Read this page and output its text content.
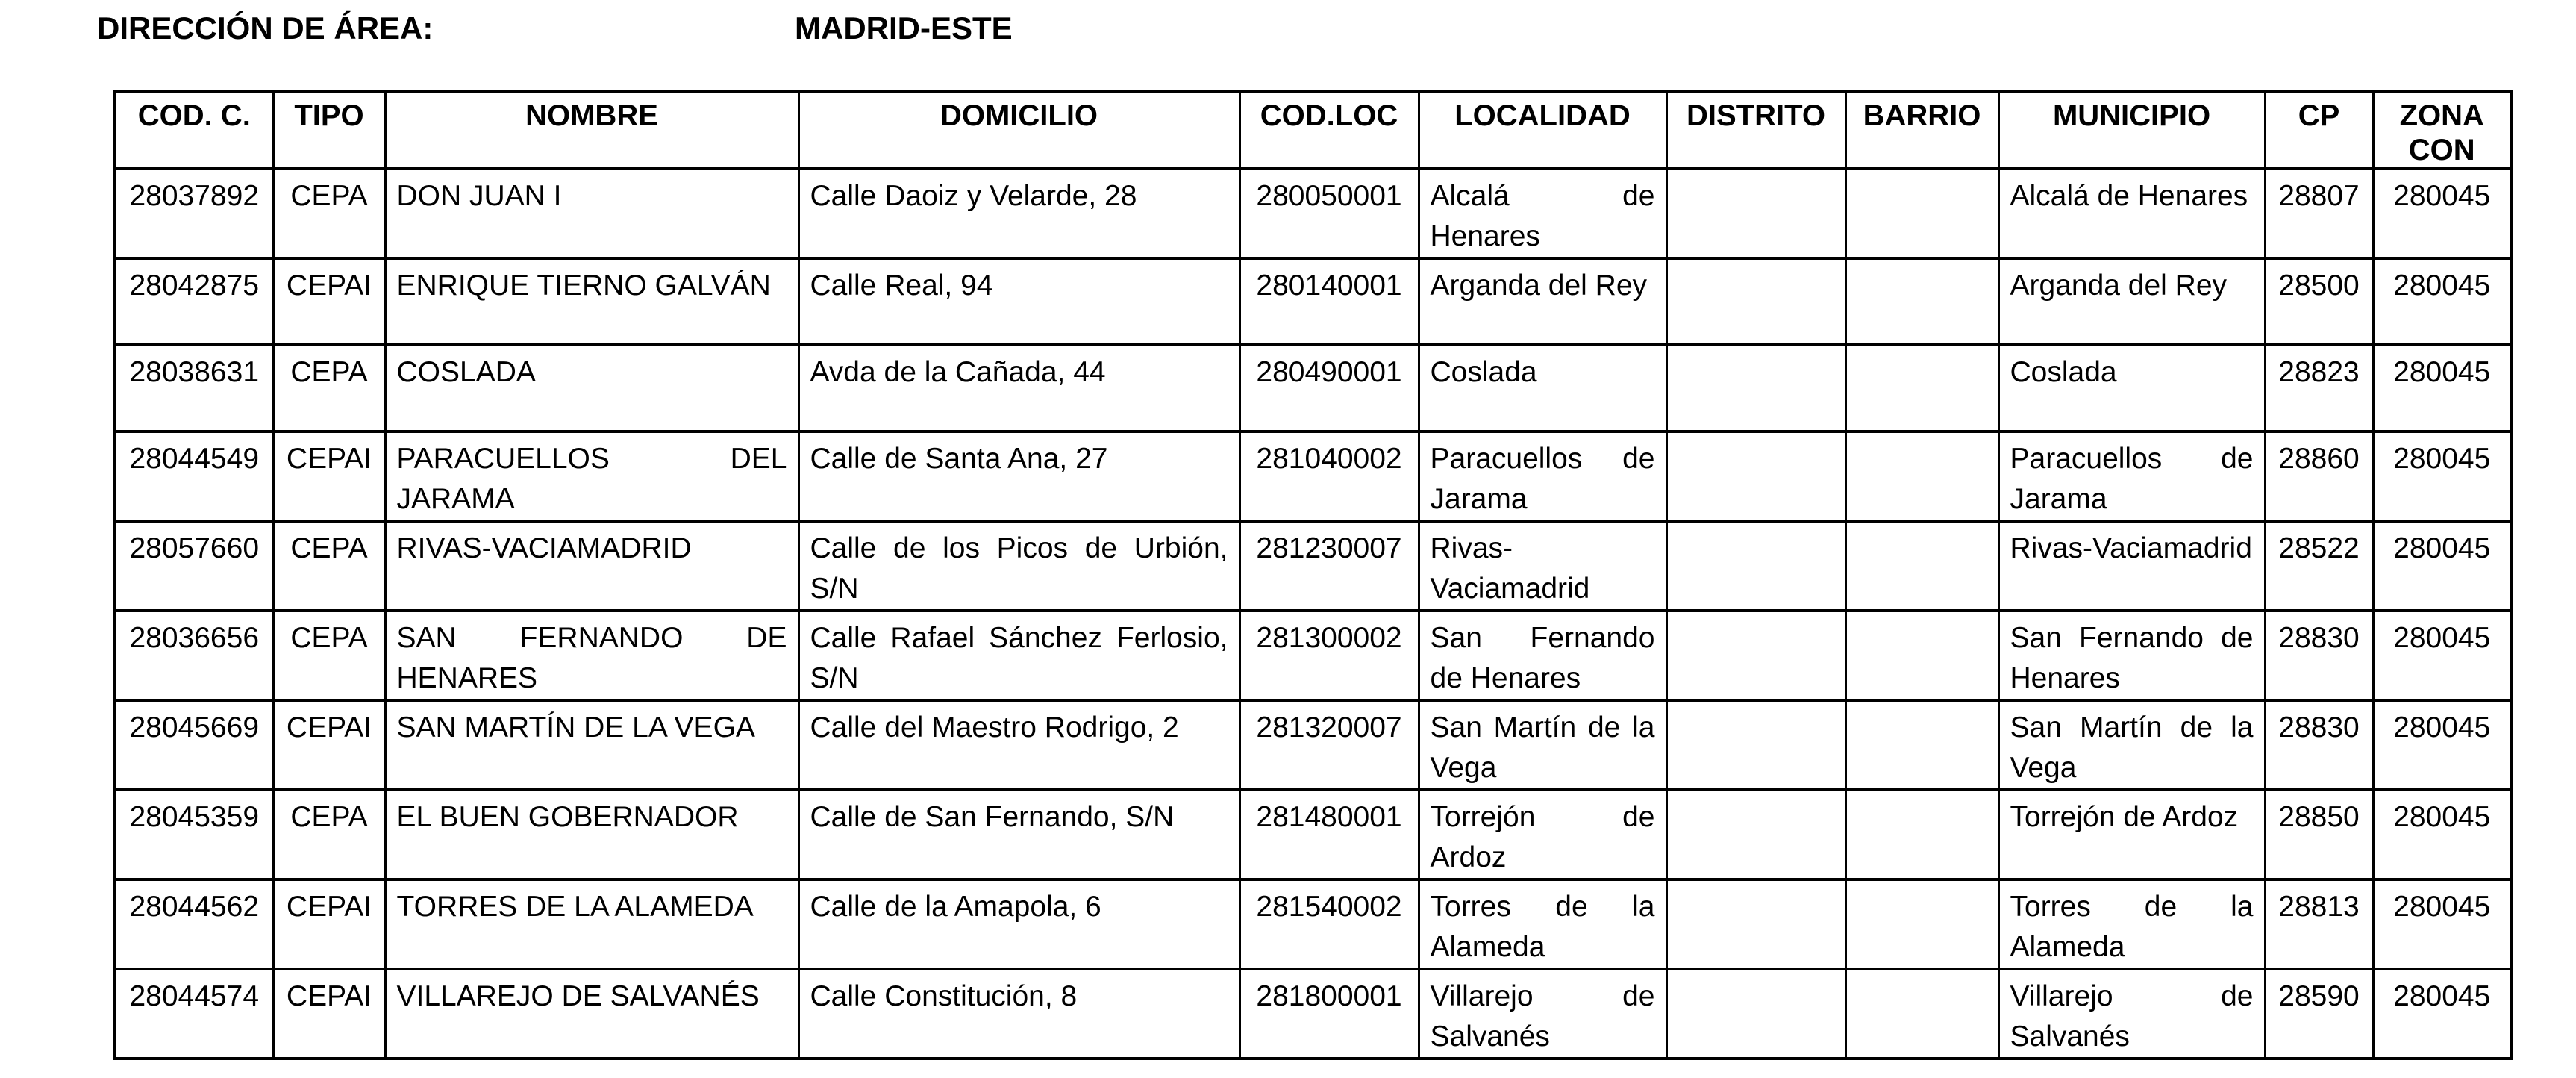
DIRECCIÓN DE ÁREA:	MADRID-ESTE
COD. C.	TIPO	NOMBRE	DOMICILIO	COD.LOC	LOCALIDAD	DISTRITO	BARRIO	MUNICIPIO	CP	ZONA CON
28037892	CEPA	DON JUAN I	Calle Daoiz y Velarde, 28	280050001	Alcalá de Henares			Alcalá de Henares	28807	280045
28042875	CEPAI	ENRIQUE TIERNO GALVÁN	Calle Real, 94	280140001	Arganda del Rey			Arganda del Rey	28500	280045
28038631	CEPA	COSLADA	Avda de la Cañada, 44	280490001	Coslada			Coslada	28823	280045
28044549	CEPAI	PARACUELLOS DEL JARAMA	Calle de Santa Ana, 27	281040002	Paracuellos de Jarama			Paracuellos de Jarama	28860	280045
28057660	CEPA	RIVAS-VACIAMADRID	Calle de los Picos de Urbión, S/N	281230007	Rivas-Vaciamadrid			Rivas-Vaciamadrid	28522	280045
28036656	CEPA	SAN FERNANDO DE HENARES	Calle Rafael Sánchez Ferlosio, S/N	281300002	San Fernando de Henares			San Fernando de Henares	28830	280045
28045669	CEPAI	SAN MARTÍN DE LA VEGA	Calle del Maestro Rodrigo, 2	281320007	San Martín de la Vega			San Martín de la Vega	28830	280045
28045359	CEPA	EL BUEN GOBERNADOR	Calle de San Fernando, S/N	281480001	Torrejón de Ardoz			Torrejón de Ardoz	28850	280045
28044562	CEPAI	TORRES DE LA ALAMEDA	Calle de la Amapola, 6	281540002	Torres de la Alameda			Torres de la Alameda	28813	280045
28044574	CEPAI	VILLAREJO DE SALVANÉS	Calle Constitución, 8	281800001	Villarejo de Salvanés			Villarejo de Salvanés	28590	280045
